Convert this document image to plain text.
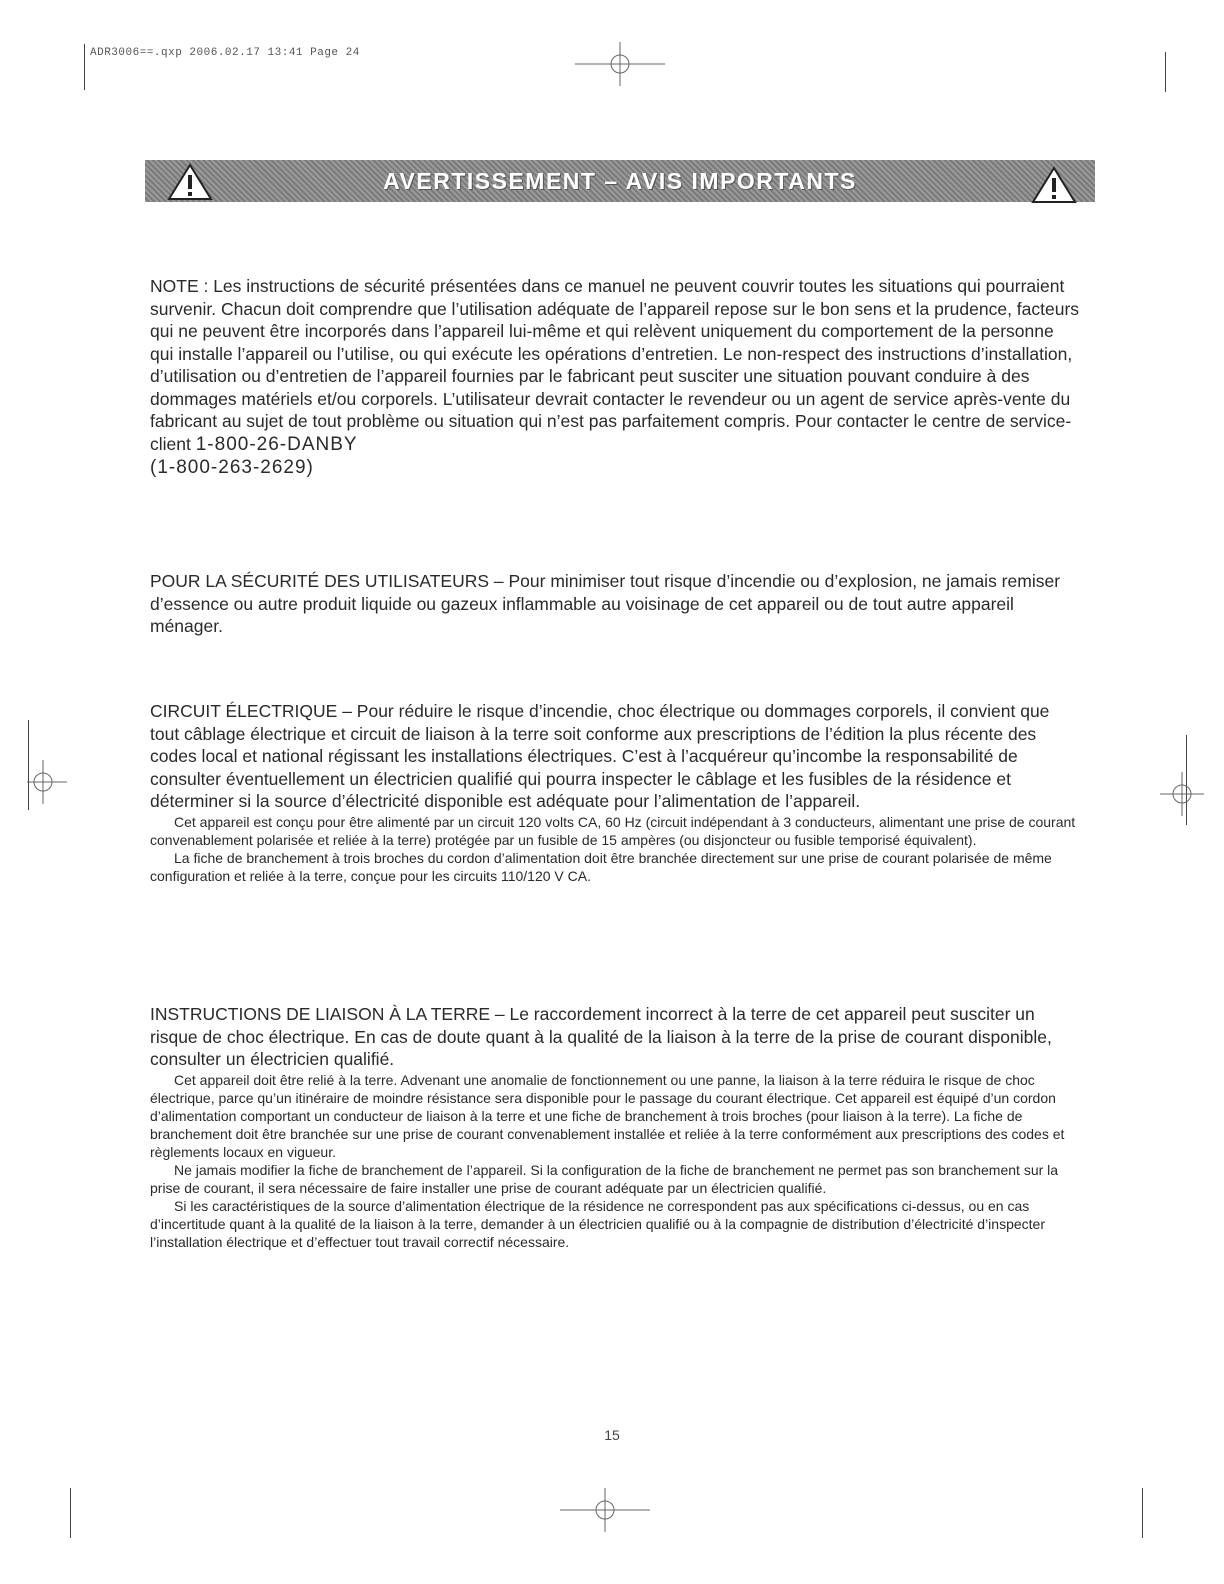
ADR3006==.qxp 2006.02.17 13:41 Page 24
AVERTISSEMENT – AVIS IMPORTANTS

NOTE : Les instructions de sécurité présentées dans ce manuel ne peuvent couvrir toutes les situations qui pourraient survenir. Chacun doit comprendre que l’utilisation adéquate de l’appareil repose sur le bon sens et la prudence, facteurs qui ne peuvent être incorporés dans l’appareil lui-même et qui relèvent uniquement du comportement de la personne qui installe l’appareil ou l’utilise, ou qui exécute les opérations d’entretien. Le non-respect des instructions d’installation, d’utilisation ou d’entretien de l’appareil fournies par le fabricant peut susciter une situation pouvant conduire à des dommages matériels et/ou corporels. L’utilisateur devrait contacter le revendeur ou un agent de service après-vente du fabricant au sujet de tout problème ou situation qui n’est pas parfaitement compris. Pour contacter le centre de service-client 1-800-26-DANBY
(1-800-263-2629)

POUR LA SÉCURITÉ DES UTILISATEURS – Pour minimiser tout risque d’incendie ou d’explosion, ne jamais remiser d’essence ou autre produit liquide ou gazeux inflammable au voisinage de cet appareil ou de tout autre appareil ménager.

CIRCUIT ÉLECTRIQUE – Pour réduire le risque d’incendie, choc électrique ou dommages corporels, il convient que tout câblage électrique et circuit de liaison à la terre soit conforme aux prescriptions de l’édition la plus récente des codes local et national régissant les installations électriques. C’est à l’acquéreur qu’incombe la responsabilité de consulter éventuellement un électricien qualifié qui pourra inspecter le câblage et les fusibles de la résidence et déterminer si la source d’électricité disponible est adéquate pour l’alimentation de l’appareil.

Cet appareil est conçu pour être alimenté par un circuit 120 volts CA, 60 Hz (circuit indépendant à 3 conducteurs, alimentant une prise de courant convenablement polarisée et reliée à la terre) protégée par un fusible de 15 ampères (ou disjoncteur ou fusible temporisé équivalent).

La fiche de branchement à trois broches du cordon d’alimentation doit être branchée directement sur une prise de courant polarisée de même configuration et reliée à la terre, conçue pour les circuits 110/120 V CA.

INSTRUCTIONS DE LIAISON À LA TERRE – Le raccordement incorrect à la terre de cet appareil peut susciter un risque de choc électrique. En cas de doute quant à la qualité de la liaison à la terre de la prise de courant disponible, consulter un électricien qualifié.

Cet appareil doit être relié à la terre. Advenant une anomalie de fonctionnement ou une panne, la liaison à la terre réduira le risque de choc électrique, parce qu’un itinéraire de moindre résistance sera disponible pour le passage du courant électrique. Cet appareil est équipé d’un cordon d’alimentation comportant un conducteur de liaison à la terre et une fiche de branchement à trois broches (pour liaison à la terre). La fiche de branchement doit être branchée sur une prise de courant convenablement installée et reliée à la terre conformément aux prescriptions des codes et règlements locaux en vigueur.

Ne jamais modifier la fiche de branchement de l’appareil. Si la configuration de la fiche de branchement ne permet pas son branchement sur la prise de courant, il sera nécessaire de faire installer une prise de courant adéquate par un électricien qualifié.

Si les caractéristiques de la source d’alimentation électrique de la résidence ne correspondent pas aux spécifications ci-dessus, ou en cas d’incertitude quant à la qualité de la liaison à la terre, demander à un électricien qualifié ou à la compagnie de distribution d’électricité d’inspecter l’installation électrique et d’effectuer tout travail correctif nécessaire.

15
